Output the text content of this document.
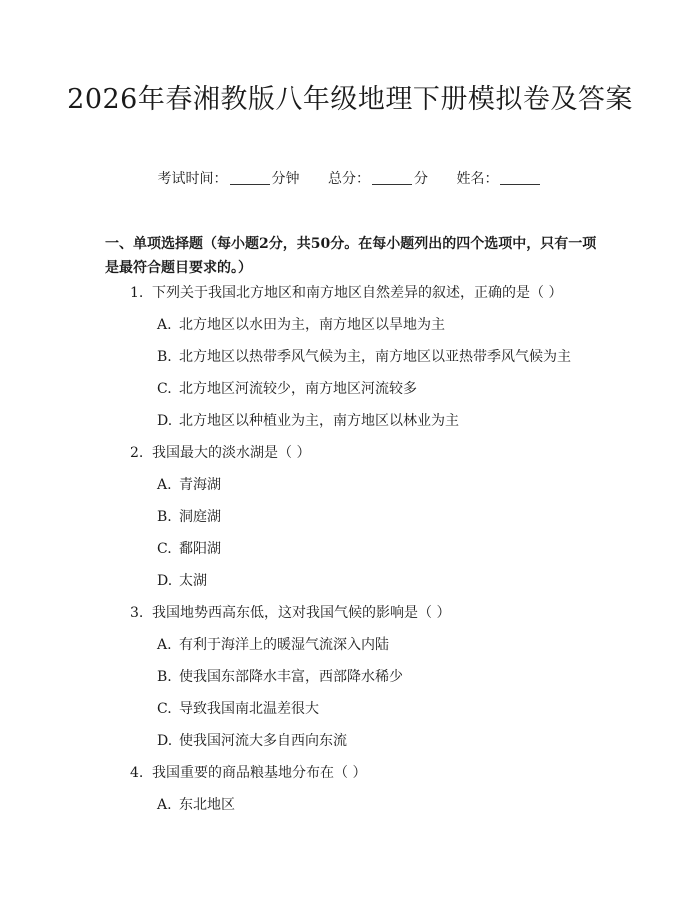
2026年春湘教版八年级地理下册模拟卷及答案
考试时间：	分钟 总分：	分 姓名：

一、单项选择题（每小题2分，共50分。在每小题列出的四个选项中，只有一项是最符合题目要求的。）

1. 下列关于我国北方地区和南方地区自然差异的叙述，正确的是（ ）
A. 北方地区以水田为主，南方地区以旱地为主
B. 北方地区以热带季风气候为主，南方地区以亚热带季风气候为主
C. 北方地区河流较少，南方地区河流较多
D. 北方地区以种植业为主，南方地区以林业为主
2. 我国最大的淡水湖是（ ）
A. 青海湖
B. 洞庭湖
C. 鄱阳湖
D. 太湖
3. 我国地势西高东低，这对我国气候的影响是（ ）
A. 有利于海洋上的暖湿气流深入内陆
B. 使我国东部降水丰富，西部降水稀少
C. 导致我国南北温差很大
D. 使我国河流大多自西向东流
4. 我国重要的商品粮基地分布在（ ）
A. 东北地区
